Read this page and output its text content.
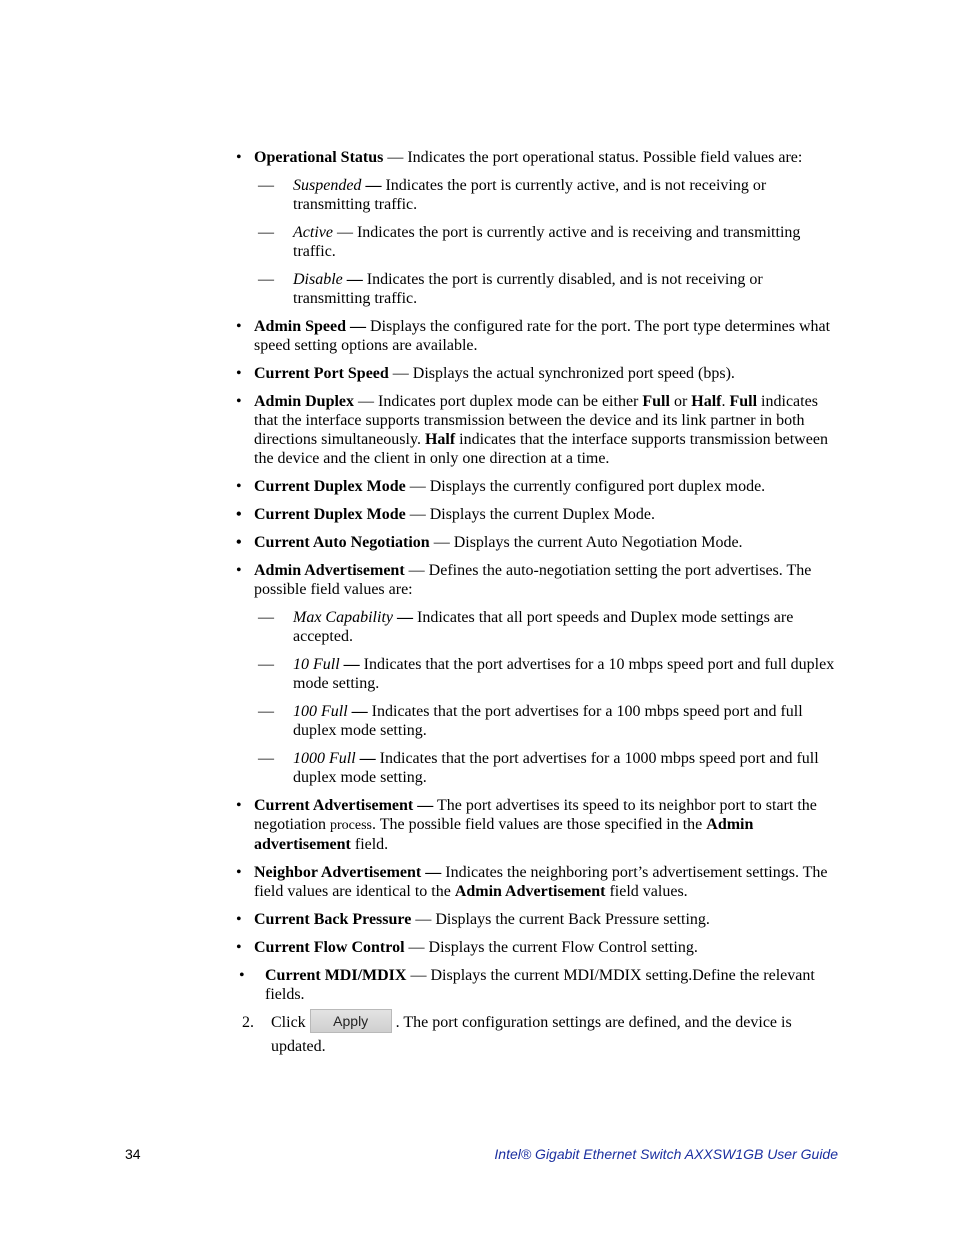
• Operational Status — Indicates the port operational status. Possible field values are:
— Suspended — Indicates the port is currently active, and is not receiving or transmitting traffic.
— Active — Indicates the port is currently active and is receiving and transmitting traffic.
— Disable — Indicates the port is currently disabled, and is not receiving or transmitting traffic.
• Admin Speed — Displays the configured rate for the port. The port type determines what speed setting options are available.
• Current Port Speed — Displays the actual synchronized port speed (bps).
• Admin Duplex — Indicates port duplex mode can be either Full or Half. Full indicates that the interface supports transmission between the device and its link partner in both directions simultaneously. Half indicates that the interface supports transmission between the device and the client in only one direction at a time.
• Current Duplex Mode — Displays the currently configured port duplex mode.
• Current Duplex Mode — Displays the current Duplex Mode.
• Current Auto Negotiation — Displays the current Auto Negotiation Mode.
• Admin Advertisement — Defines the auto-negotiation setting the port advertises. The possible field values are:
— Max Capability — Indicates that all port speeds and Duplex mode settings are accepted.
— 10 Full — Indicates that the port advertises for a 10 mbps speed port and full duplex mode setting.
— 100 Full — Indicates that the port advertises for a 100 mbps speed port and full duplex mode setting.
— 1000 Full — Indicates that the port advertises for a 1000 mbps speed port and full duplex mode setting.
• Current Advertisement — The port advertises its speed to its neighbor port to start the negotiation process. The possible field values are those specified in the Admin advertisement field.
• Neighbor Advertisement — Indicates the neighboring port’s advertisement settings. The field values are identical to the Admin Advertisement field values.
• Current Back Pressure — Displays the current Back Pressure setting.
• Current Flow Control — Displays the current Flow Control setting.
• Current MDI/MDIX — Displays the current MDI/MDIX setting.Define the relevant fields.
2. Click Apply . The port configuration settings are defined, and the device is updated.
34	Intel® Gigabit Ethernet Switch AXXSW1GB User Guide
